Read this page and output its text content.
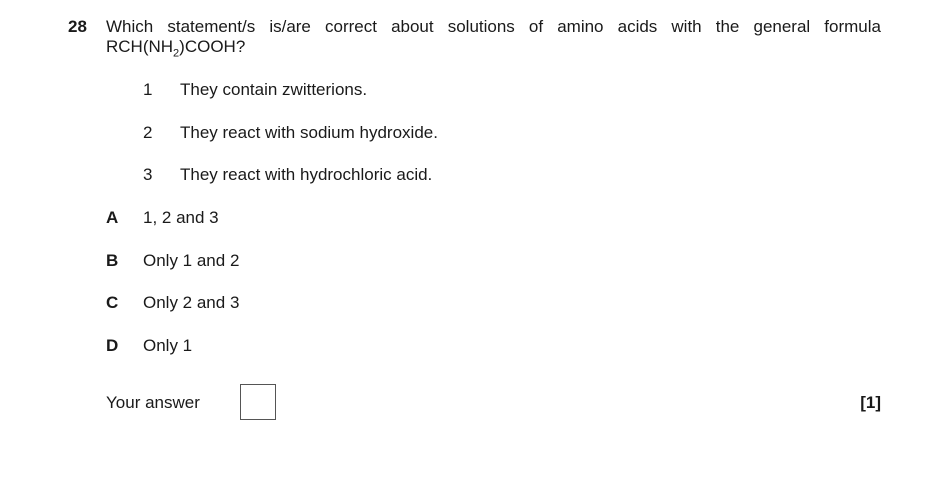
28 Which statement/s is/are correct about solutions of amino acids with the general formula
$RCH(NH_2)COOH$?
1 They contain zwitterions.
2 They react with sodium hydroxide.
3 They react with hydrochloric acid.
A 1, 2 and 3
B Only 1 and 2
C Only 2 and 3
D Only 1
Your answer	[1]
